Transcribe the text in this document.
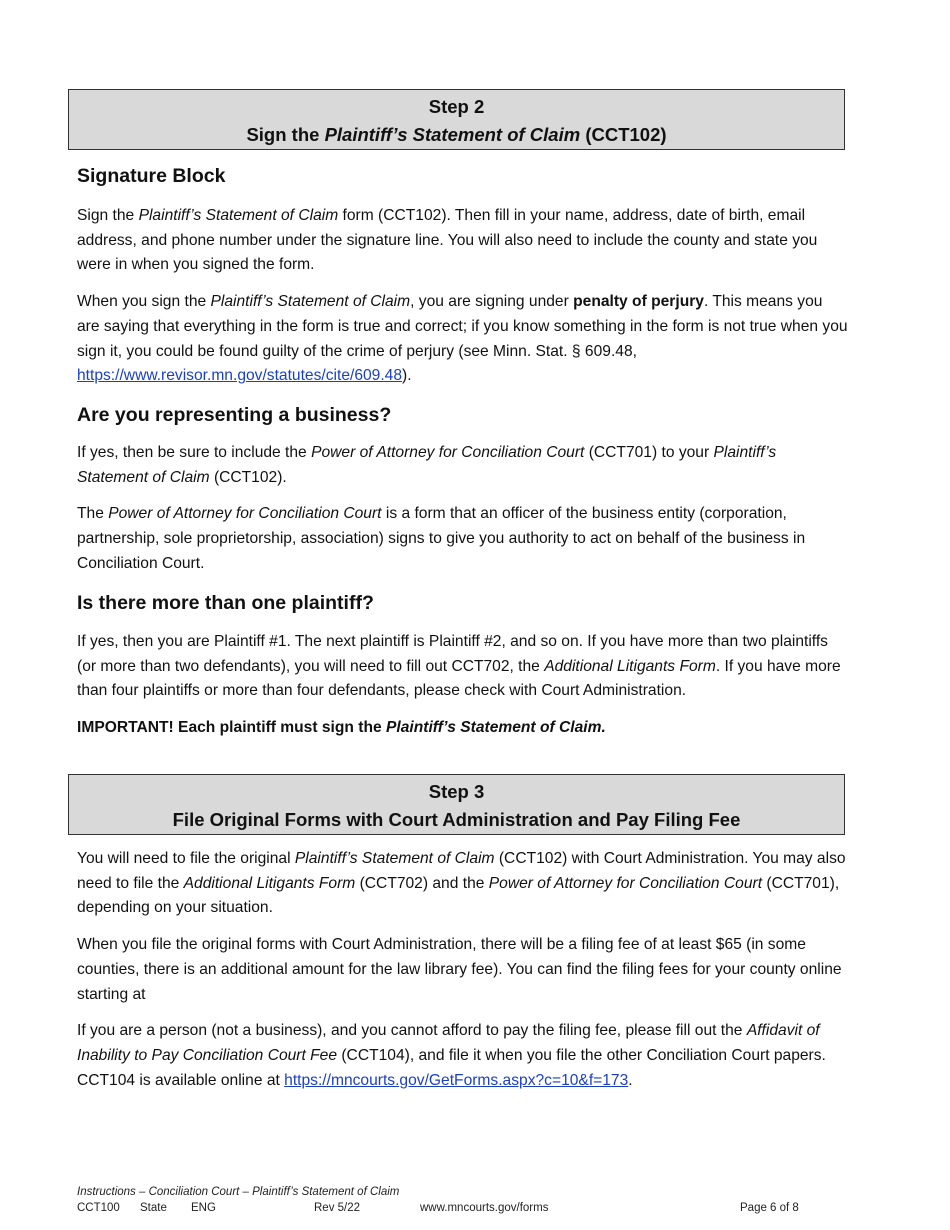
Step 2
Sign the Plaintiff’s Statement of Claim (CCT102)
Signature Block

Sign the Plaintiff’s Statement of Claim form (CCT102). Then fill in your name, address, date of birth, email address, and phone number under the signature line. You will also need to include the county and state you were in when you signed the form.

When you sign the Plaintiff’s Statement of Claim, you are signing under penalty of perjury. This means you are saying that everything in the form is true and correct; if you know something in the form is not true when you sign it, you could be found guilty of the crime of perjury (see Minn. Stat. § 609.48, https://www.revisor.mn.gov/statutes/cite/609.48).

Are you representing a business?

If yes, then be sure to include the Power of Attorney for Conciliation Court (CCT701) to your Plaintiff’s Statement of Claim (CCT102).

The Power of Attorney for Conciliation Court is a form that an officer of the business entity (corporation, partnership, sole proprietorship, association) signs to give you authority to act on behalf of the business in Conciliation Court.

Is there more than one plaintiff?

If yes, then you are Plaintiff #1. The next plaintiff is Plaintiff #2, and so on. If you have more than two plaintiffs (or more than two defendants), you will need to fill out CCT702, the Additional Litigants Form. If you have more than four plaintiffs or more than four defendants, please check with Court Administration.

IMPORTANT! Each plaintiff must sign the Plaintiff’s Statement of Claim.

Step 3
File Original Forms with Court Administration and Pay Filing Fee

You will need to file the original Plaintiff’s Statement of Claim (CCT102) with Court Administration. You may also need to file the Additional Litigants Form (CCT702) and the Power of Attorney for Conciliation Court (CCT701), depending on your situation.

When you file the original forms with Court Administration, there will be a filing fee of at least $65 (in some counties, there is an additional amount for the law library fee). You can find the filing fees for your county online starting at

If you are a person (not a business), and you cannot afford to pay the filing fee, please fill out the Affidavit of Inability to Pay Conciliation Court Fee (CCT104), and file it when you file the other Conciliation Court papers. CCT104 is available online at https://mncourts.gov/GetForms.aspx?c=10&f=173.

Instructions – Conciliation Court – Plaintiff’s Statement of Claim
CCT100 State ENG	Rev 5/22	www.mncourts.gov/forms	Page 6 of 8
